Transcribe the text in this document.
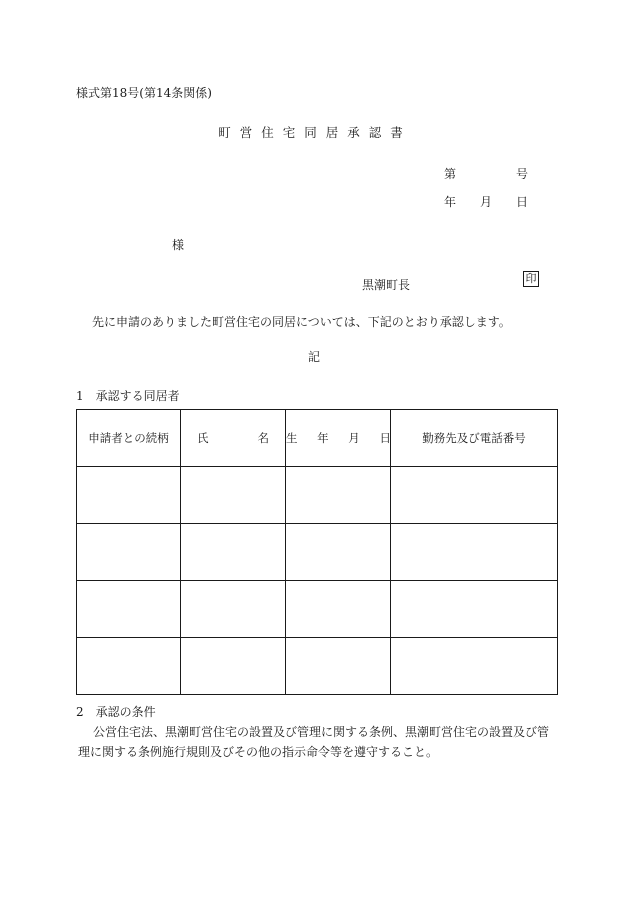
様式第18号(第14条関係)
町営住宅同居承認書
第	号
年 月 日
様
黒潮町長	印
先に申請のありました町営住宅の同居については、下記のとおり承認します。
記
1　承認する同居者
申請者との続柄	氏 名	生 年 月 日	勤務先及び電話番号

2　承認の条件
公営住宅法、黒潮町営住宅の設置及び管理に関する条例、黒潮町営住宅の設置及び管
理に関する条例施行規則及びその他の指示命令等を遵守すること。
